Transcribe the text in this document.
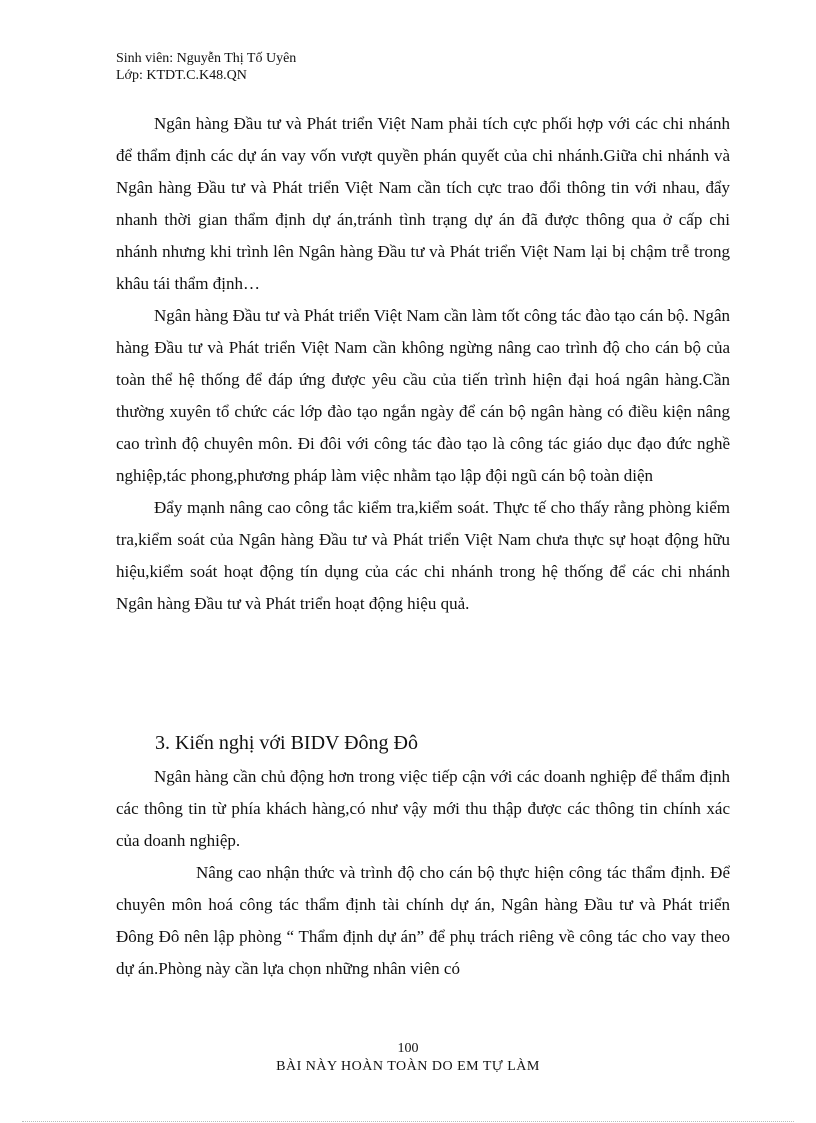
Sinh viên: Nguyễn Thị Tố Uyên
Lớp: KTDT.C.K48.QN

Ngân hàng Đầu tư và Phát triển Việt Nam phải tích cực phối hợp với các chi nhánh để thẩm định các dự án vay vốn vượt quyền phán quyết của chi nhánh.Giữa chi nhánh và Ngân hàng Đầu tư và Phát triển Việt Nam cần tích cực trao đổi thông tin với nhau, đẩy nhanh thời gian thẩm định dự án,tránh tình trạng dự án đã được thông qua ở cấp chi nhánh nhưng khi trình lên Ngân hàng Đầu tư và Phát triển Việt Nam lại bị chậm trễ trong khâu tái thẩm định…

Ngân hàng Đầu tư và Phát triển Việt Nam cần làm tốt công tác đào tạo cán bộ. Ngân hàng Đầu tư và Phát triển Việt Nam cần không ngừng nâng cao trình độ cho cán bộ của toàn thể hệ thống để đáp ứng được yêu cầu của tiến trình hiện đại hoá ngân hàng.Cần thường xuyên tổ chức các lớp đào tạo ngắn ngày để cán bộ ngân hàng có điều kiện nâng cao trình độ chuyên môn. Đi đôi với công tác đào tạo là công tác giáo dục đạo đức nghề nghiệp,tác phong,phương pháp làm việc nhằm tạo lập đội ngũ cán bộ toàn diện

Đẩy mạnh nâng cao công tắc kiểm tra,kiểm soát. Thực tế cho thấy rằng phòng kiểm tra,kiểm soát của Ngân hàng Đầu tư và Phát triển Việt Nam chưa thực sự hoạt động hữu hiệu,kiểm soát hoạt động tín dụng của các chi nhánh trong hệ thống để các chi nhánh Ngân hàng Đầu tư và Phát triển hoạt động hiệu quả.

3. Kiến nghị với BIDV Đông Đô

Ngân hàng cần chủ động hơn trong việc tiếp cận với các doanh nghiệp để thẩm định các thông tin từ phía khách hàng,có như vậy mới thu thập được các thông tin chính xác của doanh nghiệp.

Nâng cao nhận thức và trình độ cho cán bộ thực hiện công tác thẩm định. Để chuyên môn hoá công tác thẩm định tài chính dự án, Ngân hàng Đầu tư và Phát triển Đông Đô nên lập phòng “ Thẩm định dự án” để phụ trách riêng về công tác cho vay theo dự án.Phòng này cần lựa chọn những nhân viên có

100
BÀI NÀY HOÀN TOÀN DO EM TỰ LÀM
